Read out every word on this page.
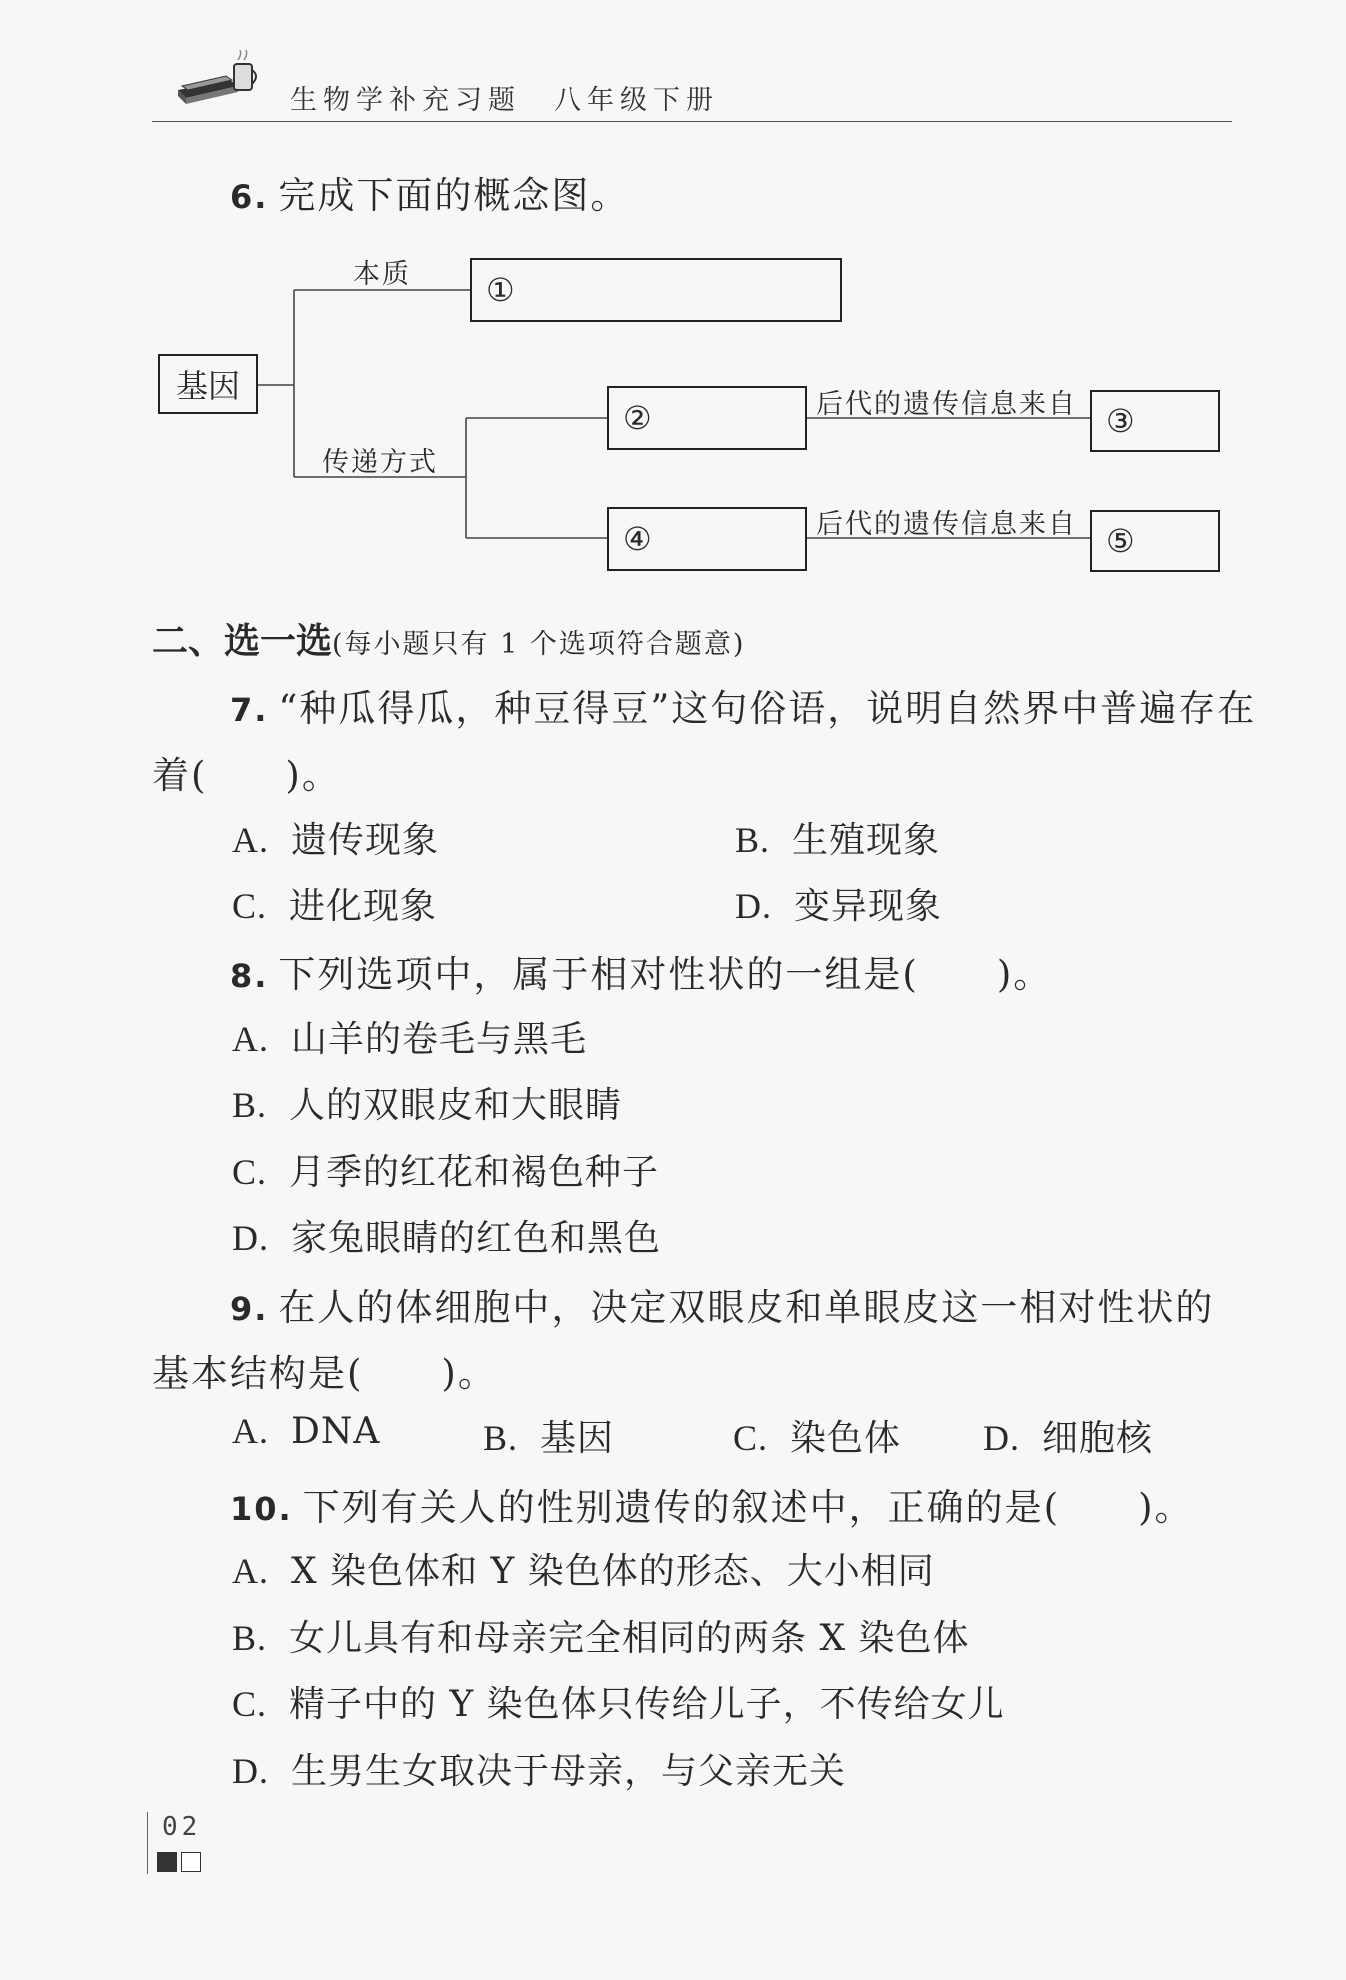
生物学补充习题　八年级下册
6. 完成下面的概念图。
基因
本质
传递方式
①
②	③
④	⑤
后代的遗传信息来自
后代的遗传信息来自
二、选一选(每小题只有 1 个选项符合题意)
7. “种瓜得瓜，种豆得豆”这句俗语，说明自然界中普遍存在
着(　　)。
A. 遗传现象	B. 生殖现象
C. 进化现象	D. 变异现象
8. 下列选项中，属于相对性状的一组是(　　)。
A. 山羊的卷毛与黑毛
B. 人的双眼皮和大眼睛
C. 月季的红花和褐色种子
D. 家兔眼睛的红色和黑色
9. 在人的体细胞中，决定双眼皮和单眼皮这一相对性状的
基本结构是(　　)。
A. DNA	B. 基因	C. 染色体 D. 细胞核
10. 下列有关人的性别遗传的叙述中，正确的是(　　)。
A. X 染色体和 Y 染色体的形态、大小相同
B. 女儿具有和母亲完全相同的两条 X 染色体
C. 精子中的 Y 染色体只传给儿子，不传给女儿
D. 生男生女取决于母亲，与父亲无关
02
